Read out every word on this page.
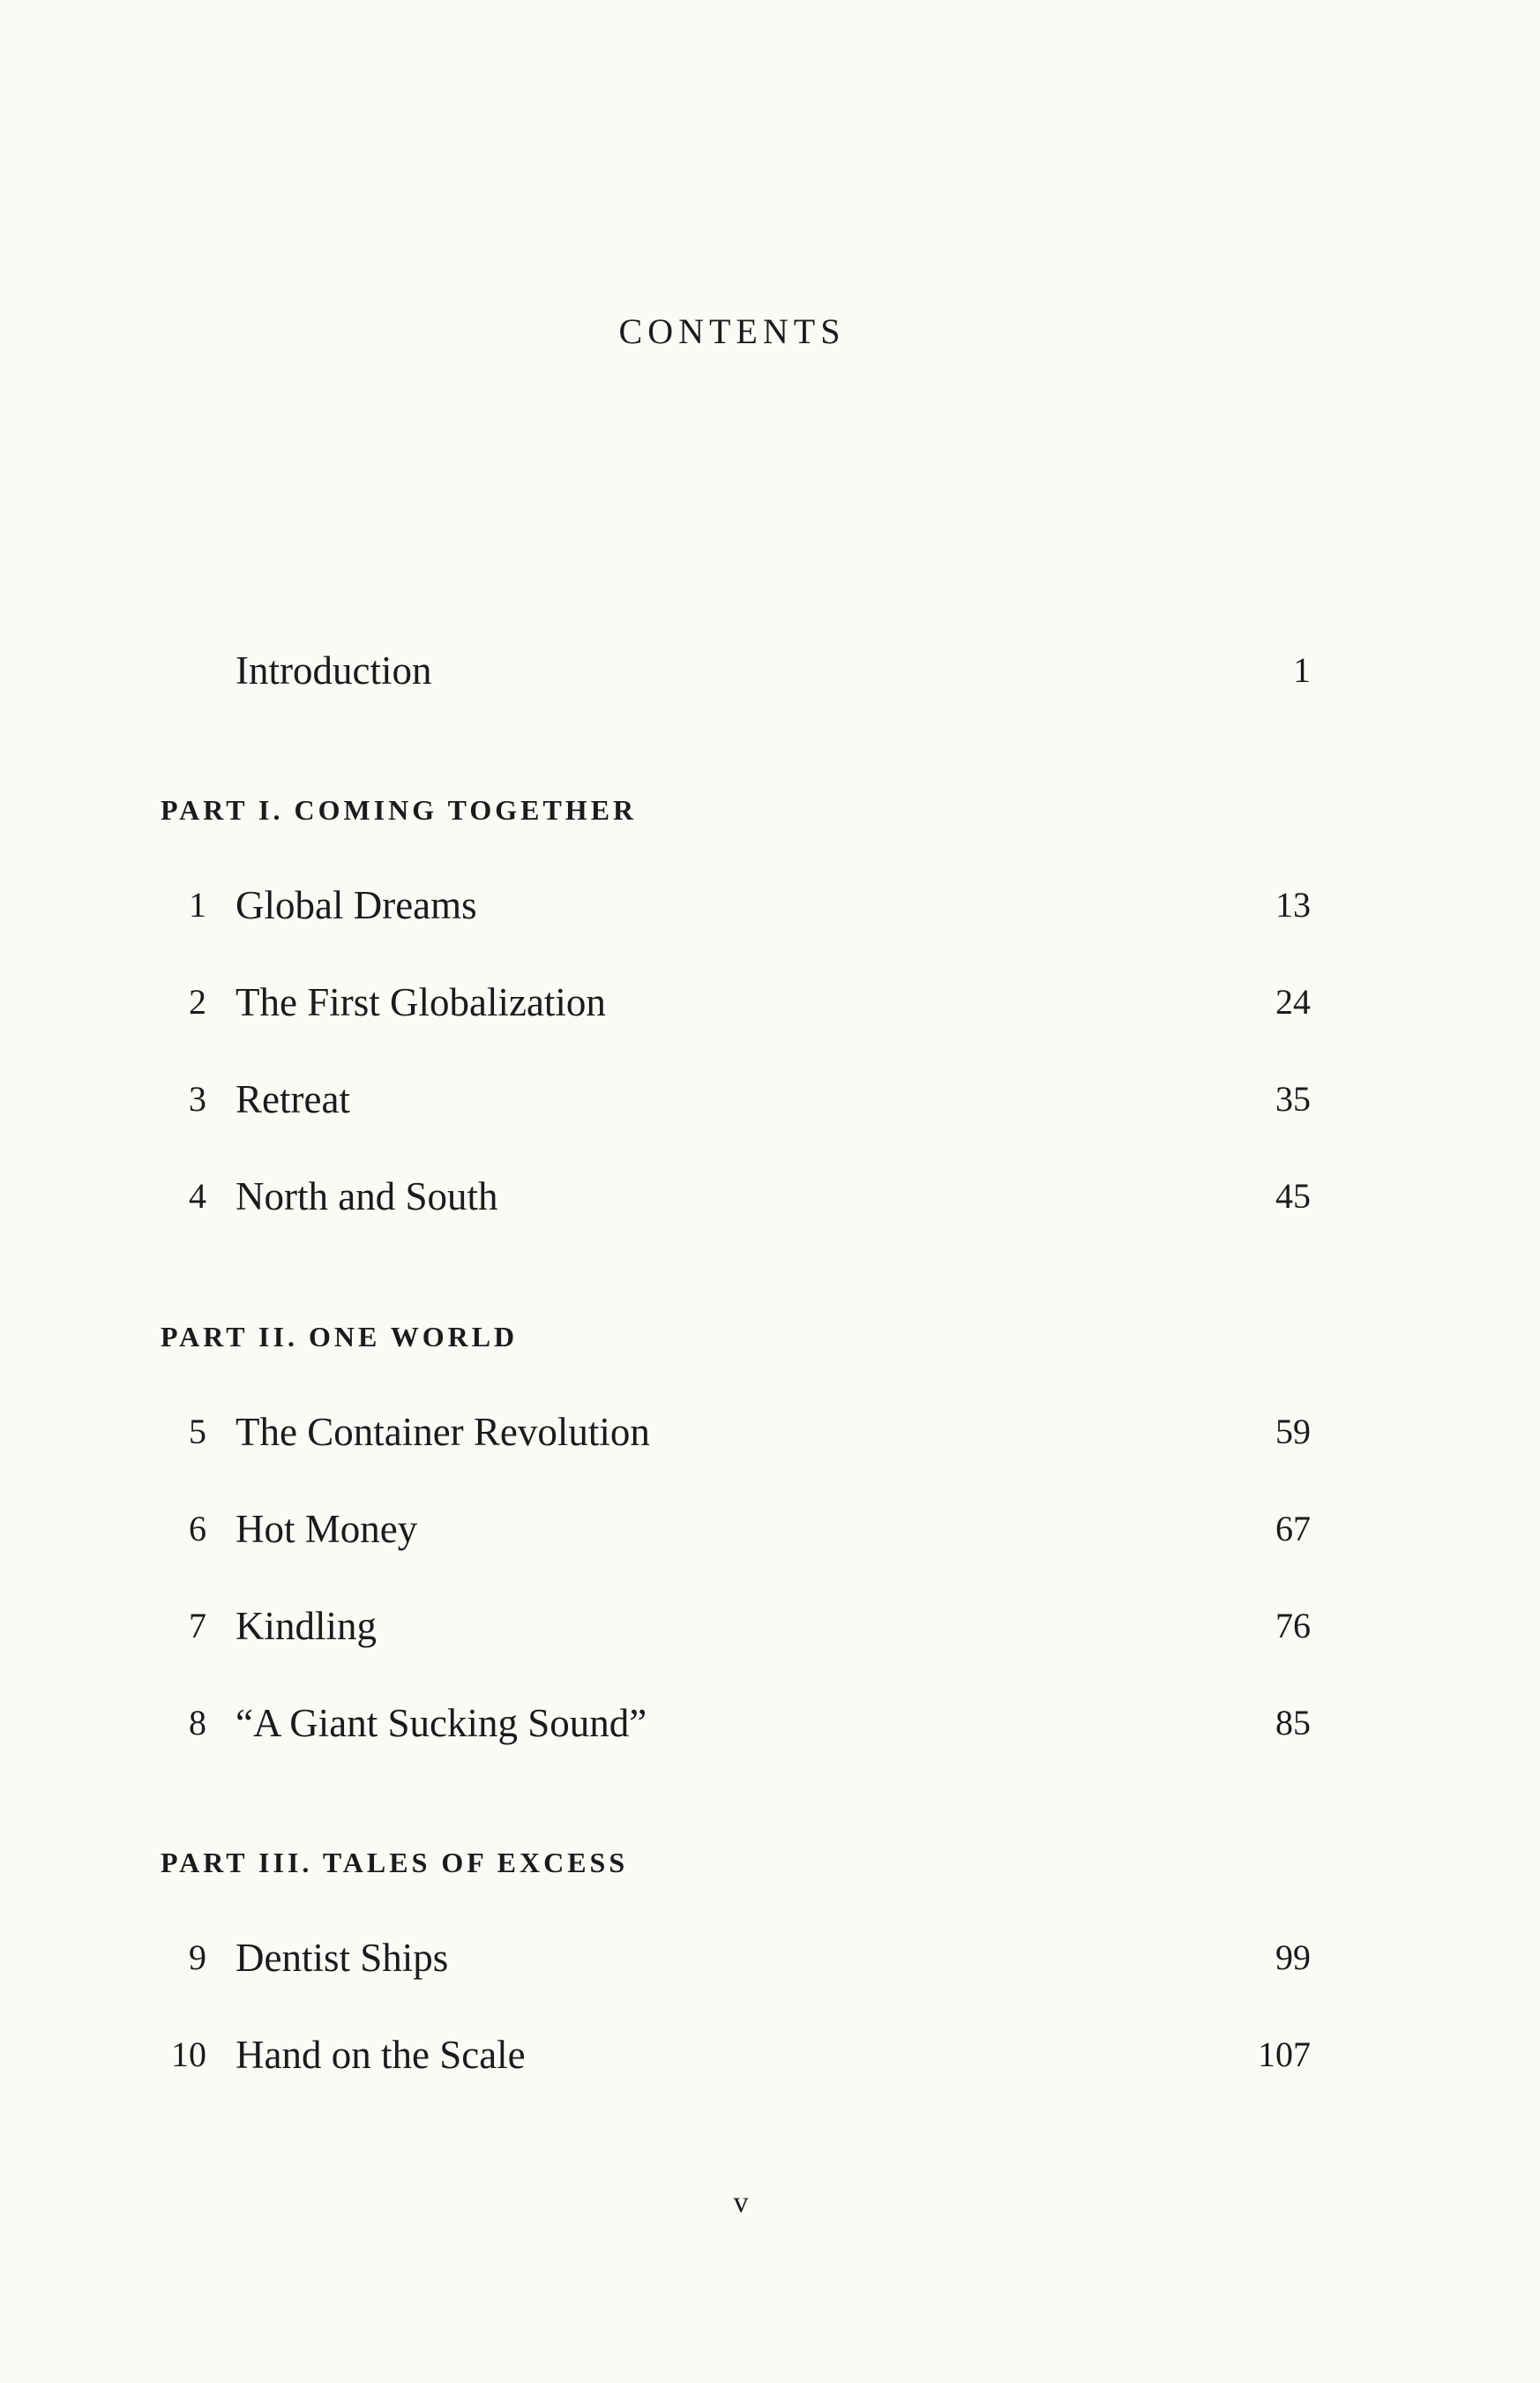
CONTENTS
Introduction	1
PART I. COMING TOGETHER
1 Global Dreams	13
2 The First Globalization	24
3 Retreat	35
4 North and South	45
PART II. ONE WORLD
5 The Container Revolution	59
6 Hot Money	67
7 Kindling	76
8 “A Giant Sucking Sound”	85
PART III. TALES OF EXCESS
9 Dentist Ships	99
10 Hand on the Scale	107
v
